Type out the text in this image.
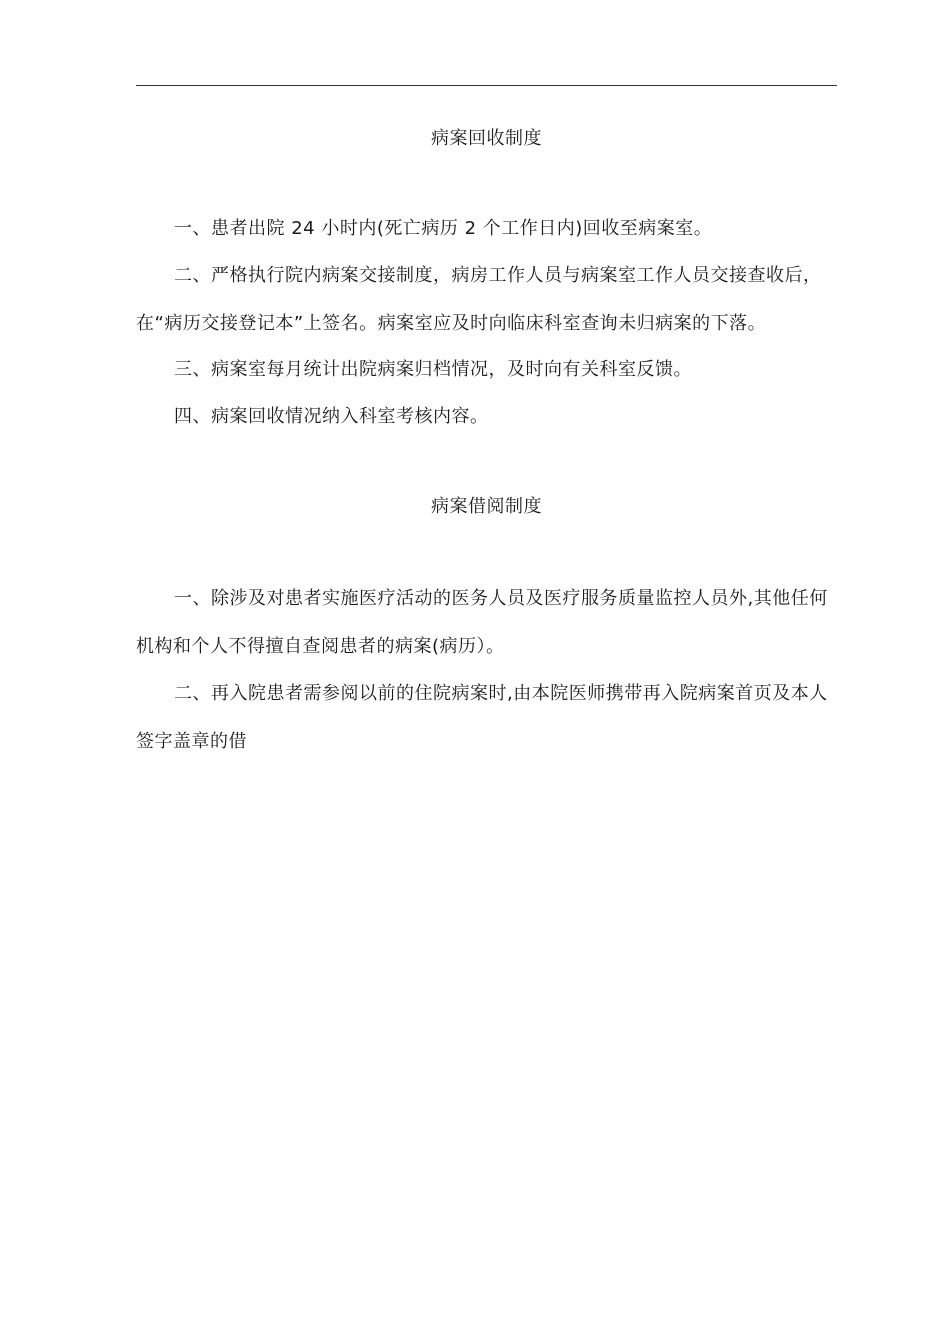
病案回收制度

一、患者出院 24 小时内(死亡病历 2 个工作日内)回收至病案室。

二、严格执行院内病案交接制度，病房工作人员与病案室工作人员交接查收后，在“病历交接登记本”上签名。病案室应及时向临床科室查询未归病案的下落。

三、病案室每月统计出院病案归档情况，及时向有关科室反馈。

四、病案回收情况纳入科室考核内容。

病案借阅制度

一、除涉及对患者实施医疗活动的医务人员及医疗服务质量监控人员外,其他任何机构和个人不得擅自查阅患者的病案(病历）。

二、再入院患者需参阅以前的住院病案时,由本院医师携带再入院病案首页及本人签字盖章的借
